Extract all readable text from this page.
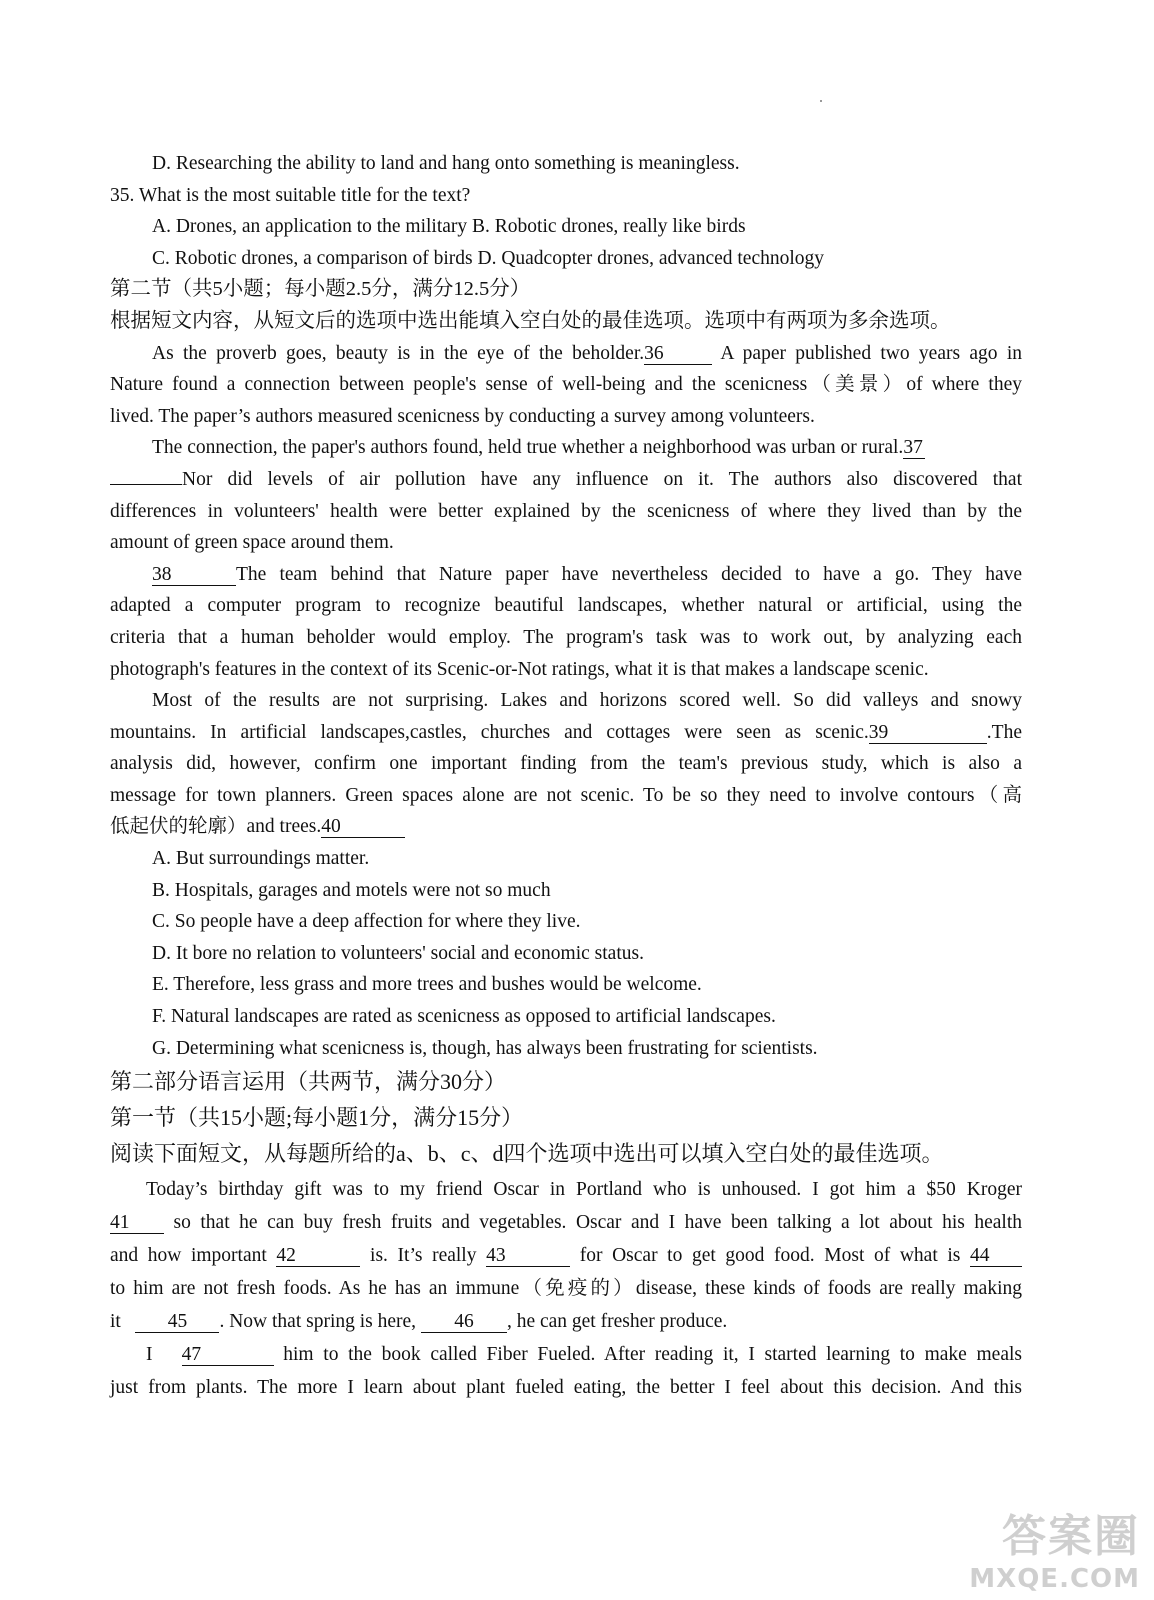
D. Researching the ability to land and hang onto something is meaningless.
35. What is the most suitable title for the text?
A. Drones, an application to the military B. Robotic drones, really like birds
C. Robotic drones, a comparison of birds D. Quadcopter drones, advanced technology
第二节（共5小题；每小题2.5分，满分12.5分）
根据短文内容，从短文后的选项中选出能填入空白处的最佳选项。选项中有两项为多余选项。
As the proverb goes, beauty is in the eye of the beholder.36	A paper published two years ago in
Nature found a connection between people's sense of well-being and the scenicness（美景）of where they
lived. The paper’s authors measured scenicness by conducting a survey among volunteers.
The connection, the paper's authors found, held true whether a neighborhood was urban or rural.37
Nor did levels of air pollution have any influence on it. The authors also discovered that
differences in volunteers' health were better explained by the scenicness of where they lived than by the
amount of green space around them.
38	The team behind that Nature paper have nevertheless decided to have a go. They have
adapted a computer program to recognize beautiful landscapes, whether natural or artificial, using the
criteria that a human beholder would employ. The program's task was to work out, by analyzing each
photograph's features in the context of its Scenic-or-Not ratings, what it is that makes a landscape scenic.
Most of the results are not surprising. Lakes and horizons scored well. So did valleys and snowy
mountains. In artificial landscapes,castles, churches and cottages were seen as scenic.39	.The
analysis did, however, confirm one important finding from the team's previous study, which is also a
message for town planners. Green spaces alone are not scenic. To be so they need to involve contours（高
低起伏的轮廓）and trees.40
A. But surroundings matter.
B. Hospitals, garages and motels were not so much
C. So people have a deep affection for where they live.
D. It bore no relation to volunteers' social and economic status.
E. Therefore, less grass and more trees and bushes would be welcome.
F. Natural landscapes are rated as scenicness as opposed to artificial landscapes.
G. Determining what scenicness is, though, has always been frustrating for scientists.
第二部分语言运用（共两节，满分30分）
第一节（共15小题;每小题1分，满分15分）
阅读下面短文，从每题所给的a、b、c、d四个选项中选出可以填入空白处的最佳选项。
Today’s birthday gift was to my friend Oscar in Portland who is unhoused. I got him a $50 Kroger
41 so that he can buy fresh fruits and vegetables. Oscar and I have been talking a lot about his health
and how important 42	is. It’s really 43	for Oscar to get good food. Most of what is 44
to him are not fresh foods. As he has an immune（免疫的）disease, these kinds of foods are really making
it 45 . Now that spring is here, 46 , he can get fresher produce.
I 47	him to the book called Fiber Fueled. After reading it, I started learning to make meals
just from plants. The more I learn about plant fueled eating, the better I feel about this decision. And this
答案圈
MXQE.COM
